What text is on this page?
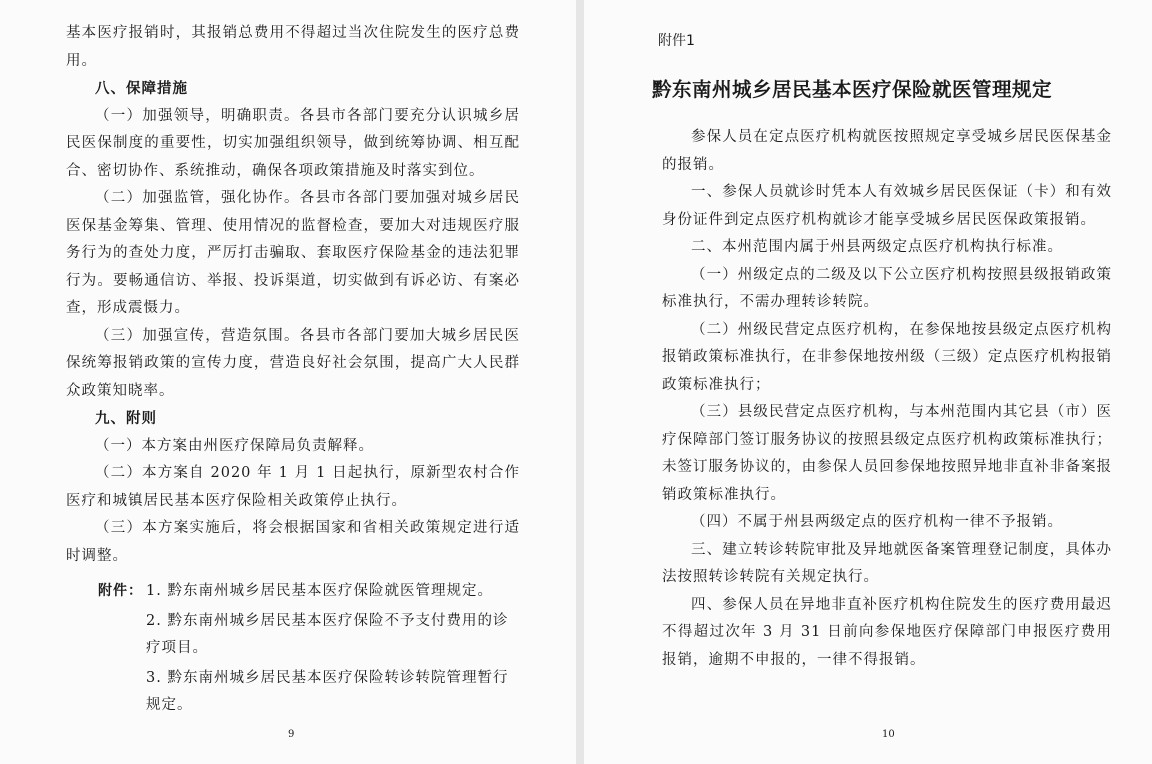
基本医疗报销时，其报销总费用不得超过当次住院发生的医疗总费用。

八、保障措施

（一）加强领导，明确职责。各县市各部门要充分认识城乡居民医保制度的重要性，切实加强组织领导，做到统筹协调、相互配合、密切协作、系统推动，确保各项政策措施及时落实到位。

（二）加强监管，强化协作。各县市各部门要加强对城乡居民医保基金筹集、管理、使用情况的监督检查，要加大对违规医疗服务行为的查处力度，严厉打击骗取、套取医疗保险基金的违法犯罪行为。要畅通信访、举报、投诉渠道，切实做到有诉必访、有案必查，形成震慑力。

（三）加强宣传，营造氛围。各县市各部门要加大城乡居民医保统筹报销政策的宣传力度，营造良好社会氛围，提高广大人民群众政策知晓率。

九、附则

（一）本方案由州医疗保障局负责解释。

（二）本方案自 2020 年 1 月 1 日起执行，原新型农村合作医疗和城镇居民基本医疗保险相关政策停止执行。

（三）本方案实施后，将会根据国家和省相关政策规定进行适时调整。

附件： 1. 黔东南州城乡居民基本医疗保险就医管理规定。
2. 黔东南州城乡居民基本医疗保险不予支付费用的诊疗项目。
3. 黔东南州城乡居民基本医疗保险转诊转院管理暂行规定。
9
附件1
黔东南州城乡居民基本医疗保险就医管理规定

参保人员在定点医疗机构就医按照规定享受城乡居民医保基金的报销。

一、参保人员就诊时凭本人有效城乡居民医保证（卡）和有效身份证件到定点医疗机构就诊才能享受城乡居民医保政策报销。

二、本州范围内属于州县两级定点医疗机构执行标准。

（一）州级定点的二级及以下公立医疗机构按照县级报销政策标准执行，不需办理转诊转院。

（二）州级民营定点医疗机构，在参保地按县级定点医疗机构报销政策标准执行，在非参保地按州级（三级）定点医疗机构报销政策标准执行；

（三）县级民营定点医疗机构，与本州范围内其它县（市）医疗保障部门签订服务协议的按照县级定点医疗机构政策标准执行；未签订服务协议的，由参保人员回参保地按照异地非直补非备案报销政策标准执行。

（四）不属于州县两级定点的医疗机构一律不予报销。

三、建立转诊转院审批及异地就医备案管理登记制度，具体办法按照转诊转院有关规定执行。

四、参保人员在异地非直补医疗机构住院发生的医疗费用最迟不得超过次年 3 月 31 日前向参保地医疗保障部门申报医疗费用报销，逾期不申报的，一律不得报销。

10
